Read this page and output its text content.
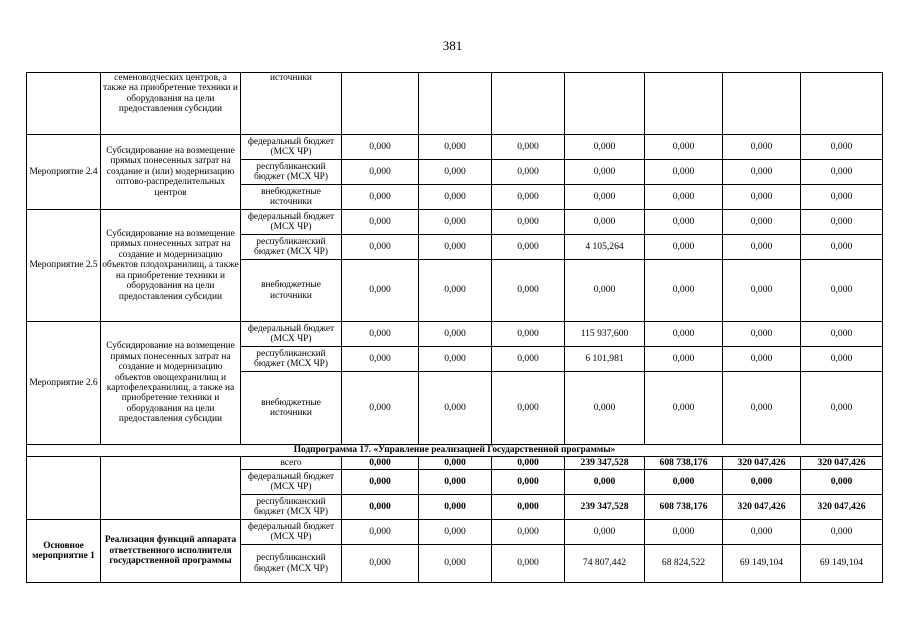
381
	семеноводческих центров, а также на приобретение техники и оборудования на цели предоставления субсидии	источники							
Мероприятие 2.4	Субсидирование на возмещение прямых понесенных затрат на создание и (или) модернизацию оптово-распределительных центров	федеральный бюджет (МСХ ЧР)	0,000	0,000	0,000	0,000	0,000	0,000	0,000
		республиканский бюджет (МСХ ЧР)	0,000	0,000	0,000	0,000	0,000	0,000	0,000
		внебюджетные источники	0,000	0,000	0,000	0,000	0,000	0,000	0,000
Мероприятие 2.5	Субсидирование на возмещение прямых понесенных затрат на создание и модернизацию объектов плодохранилищ, а также на приобретение техники и оборудования на цели предоставления субсидии	федеральный бюджет (МСХ ЧР)	0,000	0,000	0,000	0,000	0,000	0,000	0,000
		республиканский бюджет (МСХ ЧР)	0,000	0,000	0,000	4 105,264	0,000	0,000	0,000
		внебюджетные источники	0,000	0,000	0,000	0,000	0,000	0,000	0,000
Мероприятие 2.6	Субсидирование на возмещение прямых понесенных затрат на создание и модернизацию объектов овощехранилищ и картофелехранилищ, а также на приобретение техники и оборудования на цели предоставления субсидии	федеральный бюджет (МСХ ЧР)	0,000	0,000	0,000	115 937,600	0,000	0,000	0,000
		республиканский бюджет (МСХ ЧР)	0,000	0,000	0,000	6 101,981	0,000	0,000	0,000
		внебюджетные источники	0,000	0,000	0,000	0,000	0,000	0,000	0,000
Подпрограмма 17. «Управление реализацией Государственной программы»									
		всего	0,000	0,000	0,000	239 347,528	608 738,176	320 047,426	320 047,426
		федеральный бюджет (МСХ ЧР)	0,000	0,000	0,000	0,000	0,000	0,000	0,000
		республиканский бюджет (МСХ ЧР)	0,000	0,000	0,000	239 347,528	608 738,176	320 047,426	320 047,426
Основное мероприятие 1	Реализация функций аппарата ответственного исполнителя государственной программы	федеральный бюджет (МСХ ЧР)	0,000	0,000	0,000	0,000	0,000	0,000	0,000
		республиканский бюджет (МСХ ЧР)	0,000	0,000	0,000	74 807,442	68 824,522	69 149,104	69 149,104
